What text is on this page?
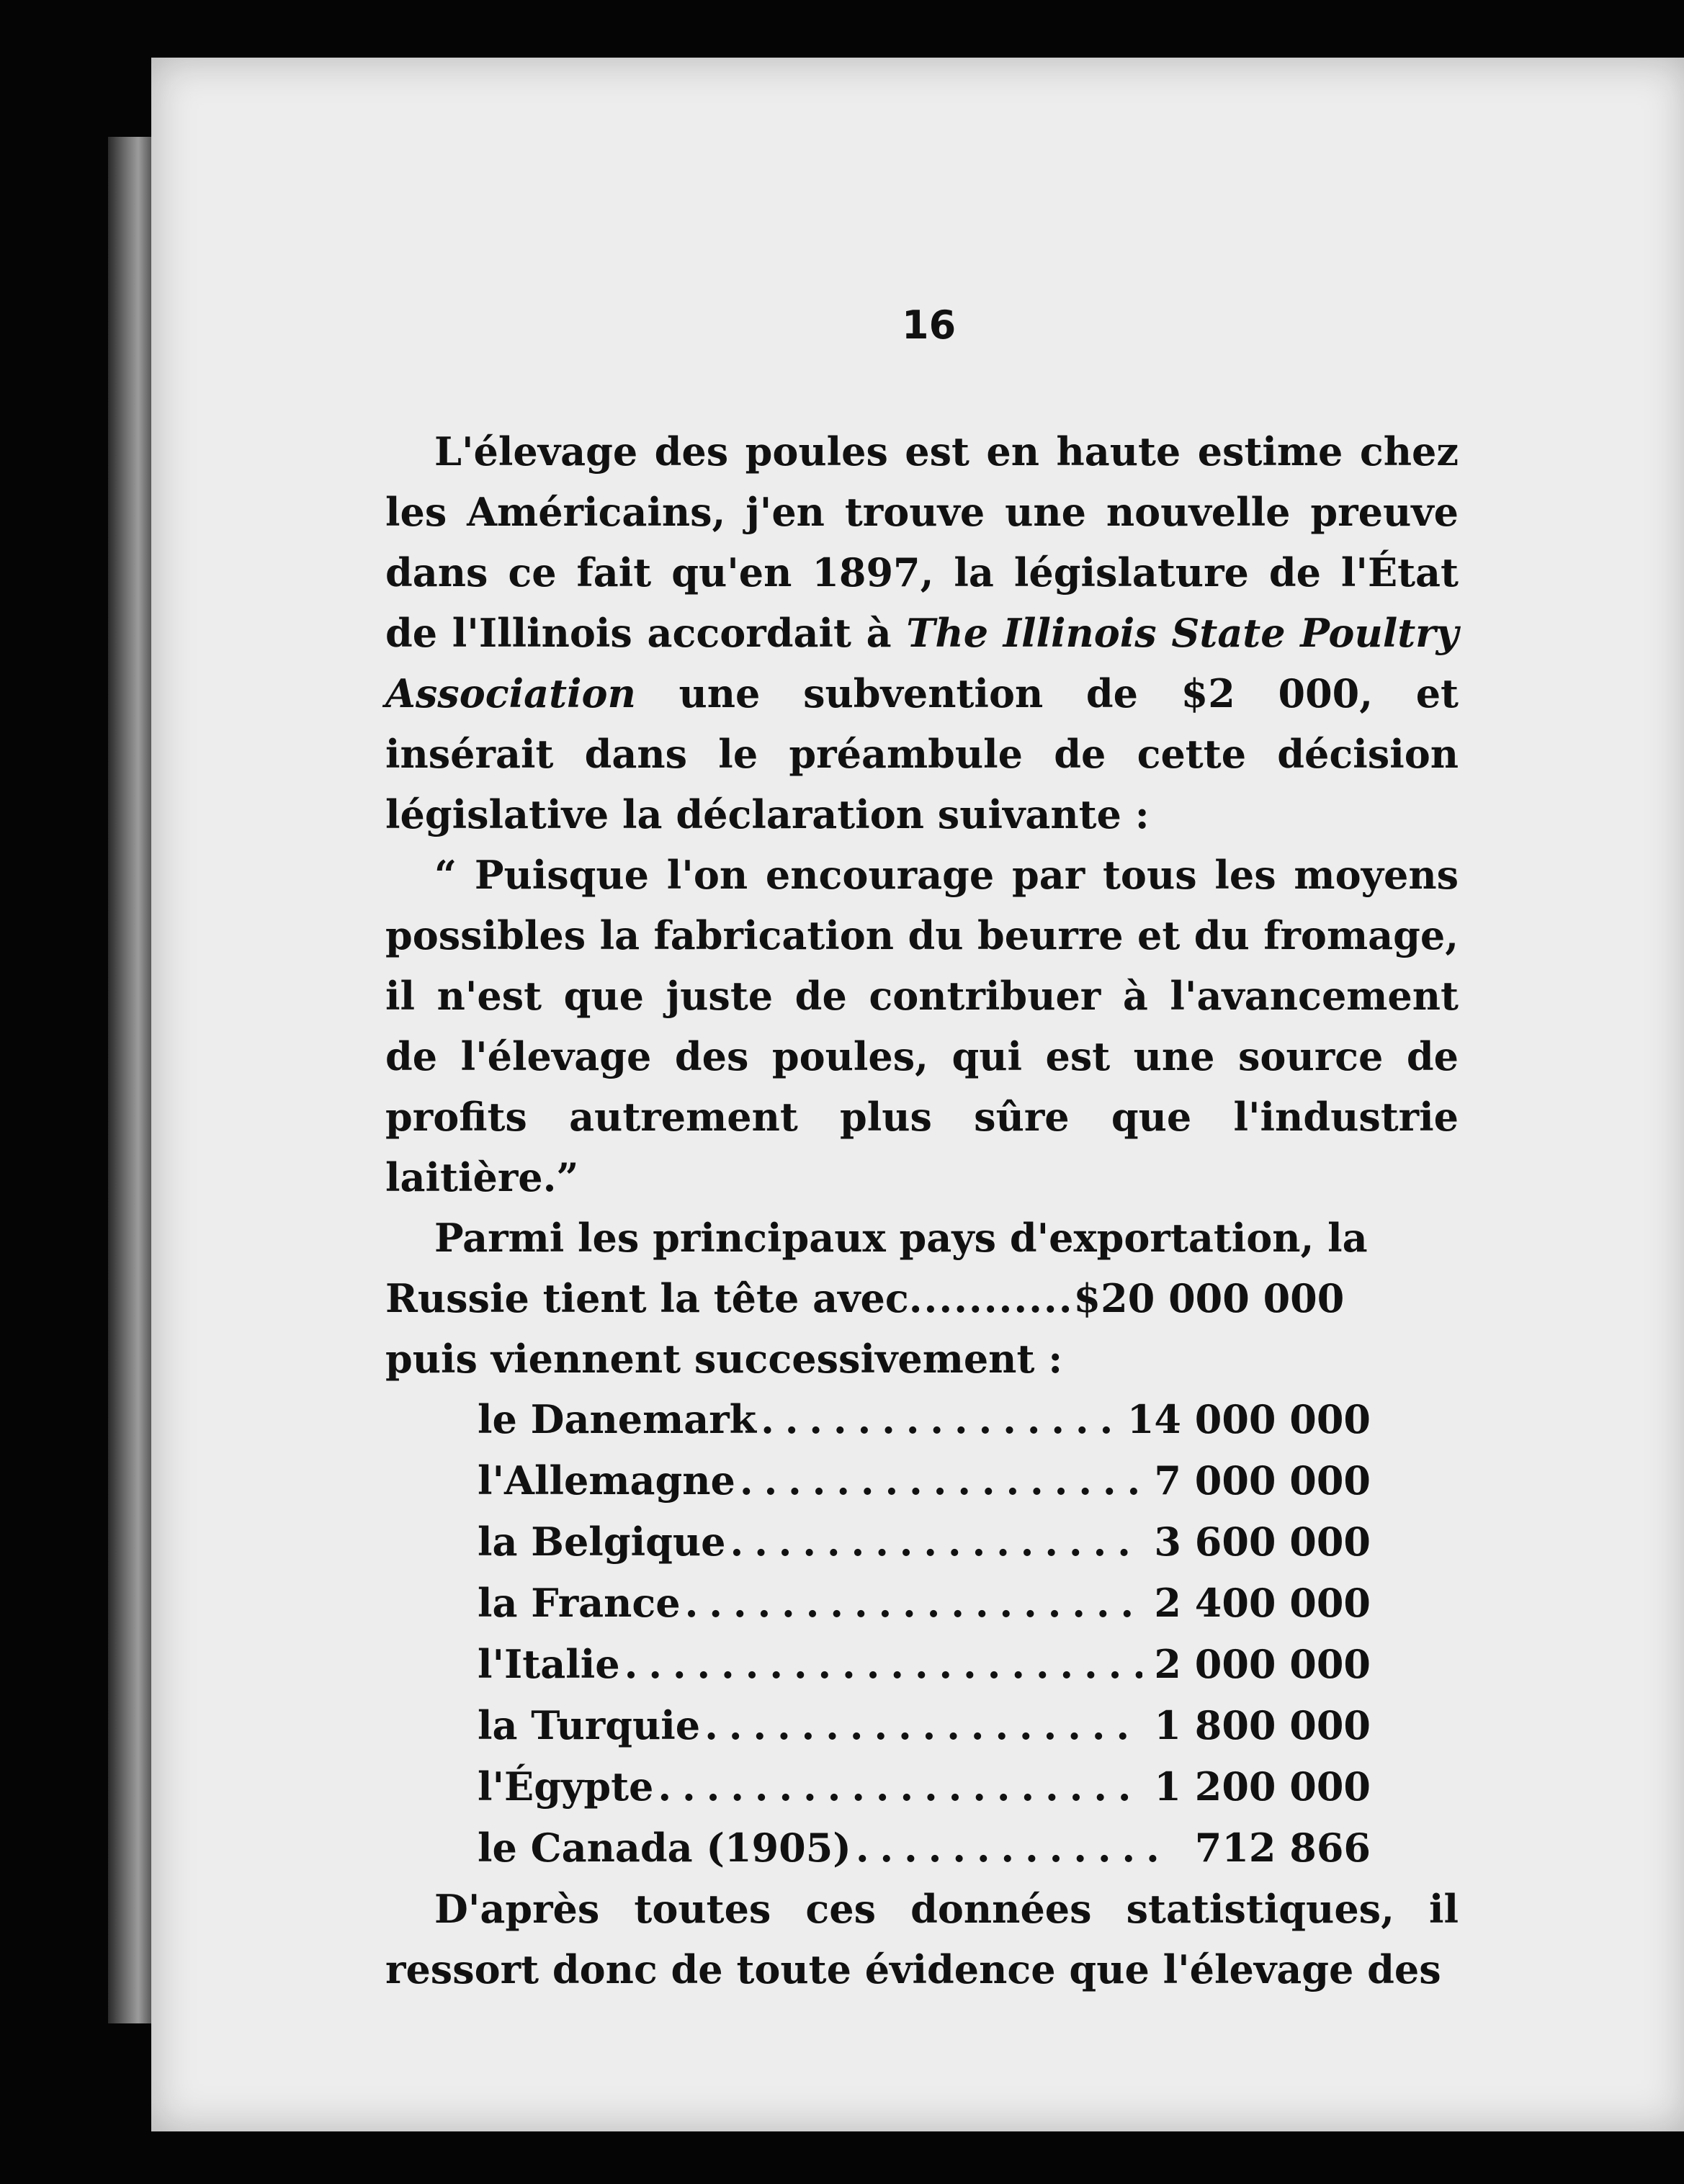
16

L'élevage des poules est en haute estime chez les Américains, j'en trouve une nouvelle preuve dans ce fait qu'en 1897, la législature de l'État de l'Illinois accordait à The Illinois State Poultry Association une subvention de $2 000, et insérait dans le préambule de cette décision législative la déclaration suivante :

“ Puisque l'on encourage par tous les moyens possibles la fabrication du beurre et du fromage, il n'est que juste de contribuer à l'avancement de l'élevage des poules, qui est une source de profits autrement plus sûre que l'industrie laitière.”

Parmi les principaux pays d'exportation, la

Russie tient la tête avec...........$20 000 000
puis viennent successivement :
le Danemark . . .	14 000 000
l'Allemagne . . .	7 000 000
la Belgique . . .	3 600 000
la France . . .	2 400 000
l'Italie . . .	2 000 000
la Turquie . . .	1 800 000
l'Égypte . . .	1 200 000
le Canada (1905) . . .	712 866

D'après toutes ces données statistiques, il ressort donc de toute évidence que l'élevage des
